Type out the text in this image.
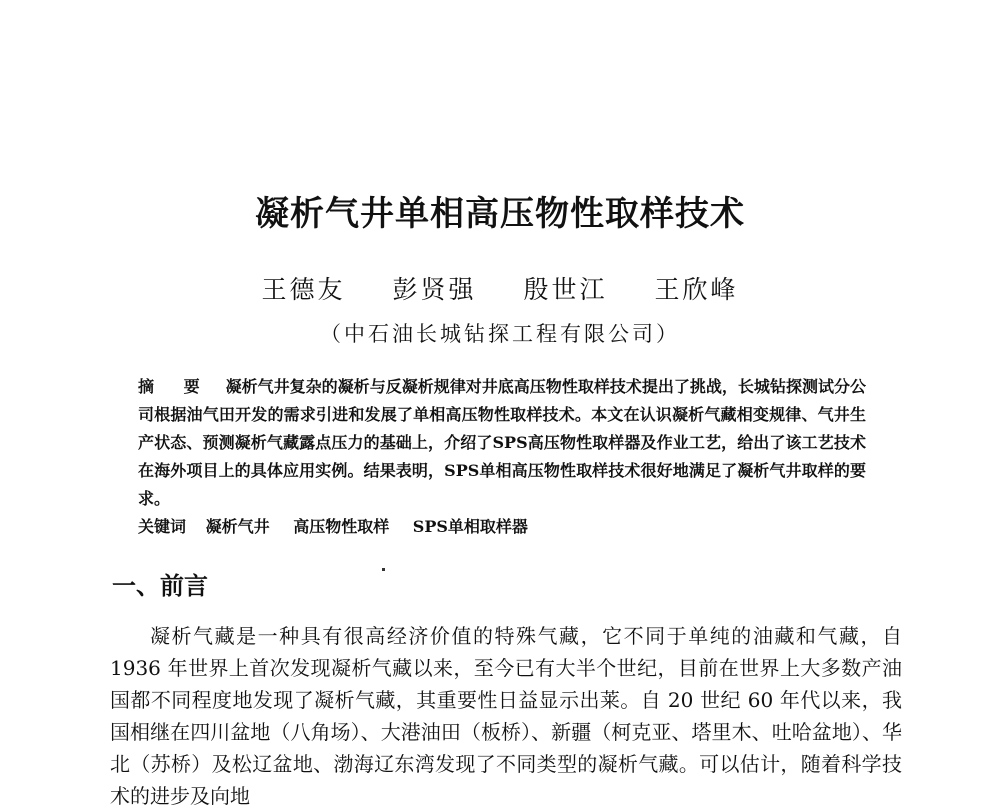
凝析气井单相高压物性取样技术
王德友 彭贤强 殷世江 王欣峰
（中石油长城钻探工程有限公司）
摘 要 凝析气井复杂的凝析与反凝析规律对井底高压物性取样技术提出了挑战，长城钻探测试分公司根据油气田开发的需求引进和发展了单相高压物性取样技术。本文在认识凝析气藏相变规律、气井生产状态、预测凝析气藏露点压力的基础上，介绍了SPS高压物性取样器及作业工艺，给出了该工艺技术在海外项目上的具体应用实例。结果表明，SPS单相高压物性取样技术很好地满足了凝析气井取样的要求。
关键词 凝析气井 高压物性取样 SPS单相取样器
一、前言
凝析气藏是一种具有很高经济价值的特殊气藏，它不同于单纯的油藏和气藏，自 1936 年世界上首次发现凝析气藏以来，至今已有大半个世纪，目前在世界上大多数产油国都不同程度地发现了凝析气藏，其重要性日益显示出莱。自 20 世纪 60 年代以来，我国相继在四川盆地（八角场）、大港油田（板桥）、新疆（柯克亚、塔里木、吐哈盆地）、华北（苏桥）及松辽盆地、渤海辽东湾发现了不同类型的凝析气藏。可以估计，随着科学技术的进步及向地
